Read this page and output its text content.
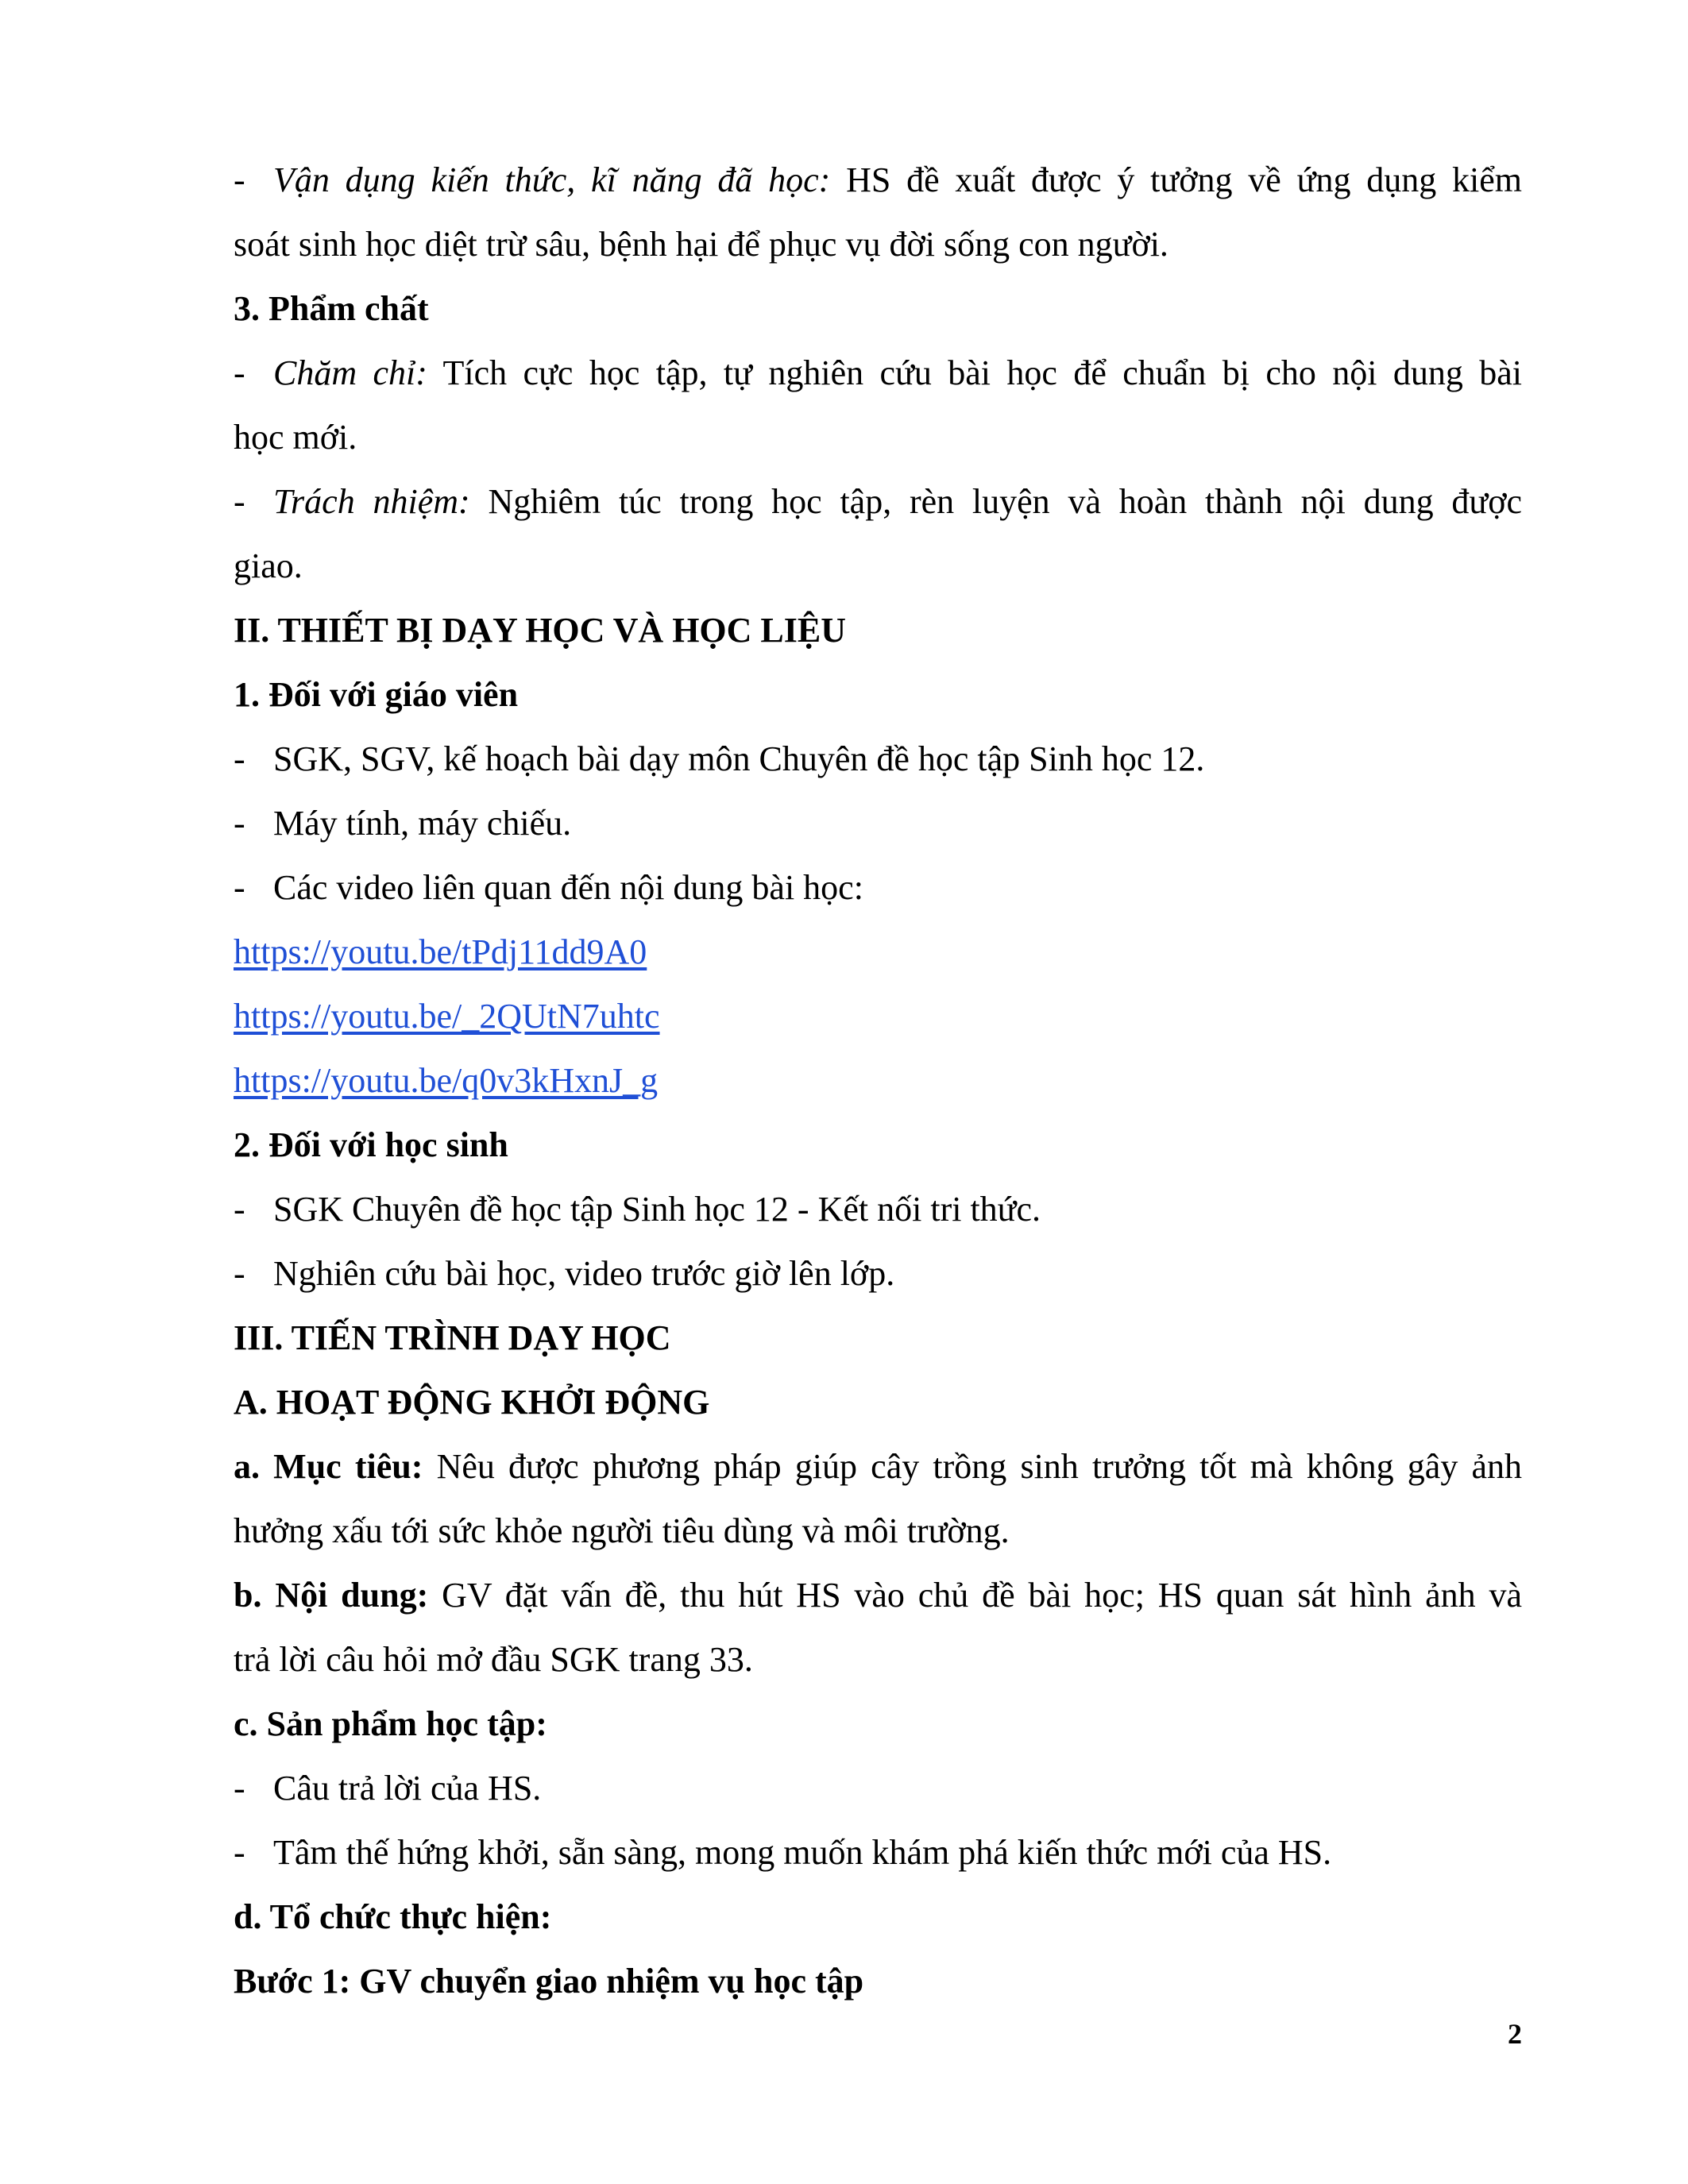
- Vận dụng kiến thức, kĩ năng đã học: HS đề xuất được ý tưởng về ứng dụng kiểm

soát sinh học diệt trừ sâu, bệnh hại để phục vụ đời sống con người.

3. Phẩm chất

- Chăm chỉ: Tích cực học tập, tự nghiên cứu bài học để chuẩn bị cho nội dung bài

học mới.

- Trách nhiệm: Nghiêm túc trong học tập, rèn luyện và hoàn thành nội dung được

giao.

II. THIẾT BỊ DẠY HỌC VÀ HỌC LIỆU

1. Đối với giáo viên

- SGK, SGV, kế hoạch bài dạy môn Chuyên đề học tập Sinh học 12.

- Máy tính, máy chiếu.

- Các video liên quan đến nội dung bài học:

https://youtu.be/tPdj11dd9A0

https://youtu.be/_2QUtN7uhtc

https://youtu.be/q0v3kHxnJ_g

2. Đối với học sinh

- SGK Chuyên đề học tập Sinh học 12 - Kết nối tri thức.

- Nghiên cứu bài học, video trước giờ lên lớp.

III. TIẾN TRÌNH DẠY HỌC

A. HOẠT ĐỘNG KHỞI ĐỘNG

a. Mục tiêu: Nêu được phương pháp giúp cây trồng sinh trưởng tốt mà không gây ảnh

hưởng xấu tới sức khỏe người tiêu dùng và môi trường.

b. Nội dung: GV đặt vấn đề, thu hút HS vào chủ đề bài học; HS quan sát hình ảnh và

trả lời câu hỏi mở đầu SGK trang 33.

c. Sản phẩm học tập:

- Câu trả lời của HS.

- Tâm thế hứng khởi, sẵn sàng, mong muốn khám phá kiến thức mới của HS.

d. Tổ chức thực hiện:

Bước 1: GV chuyển giao nhiệm vụ học tập

2
